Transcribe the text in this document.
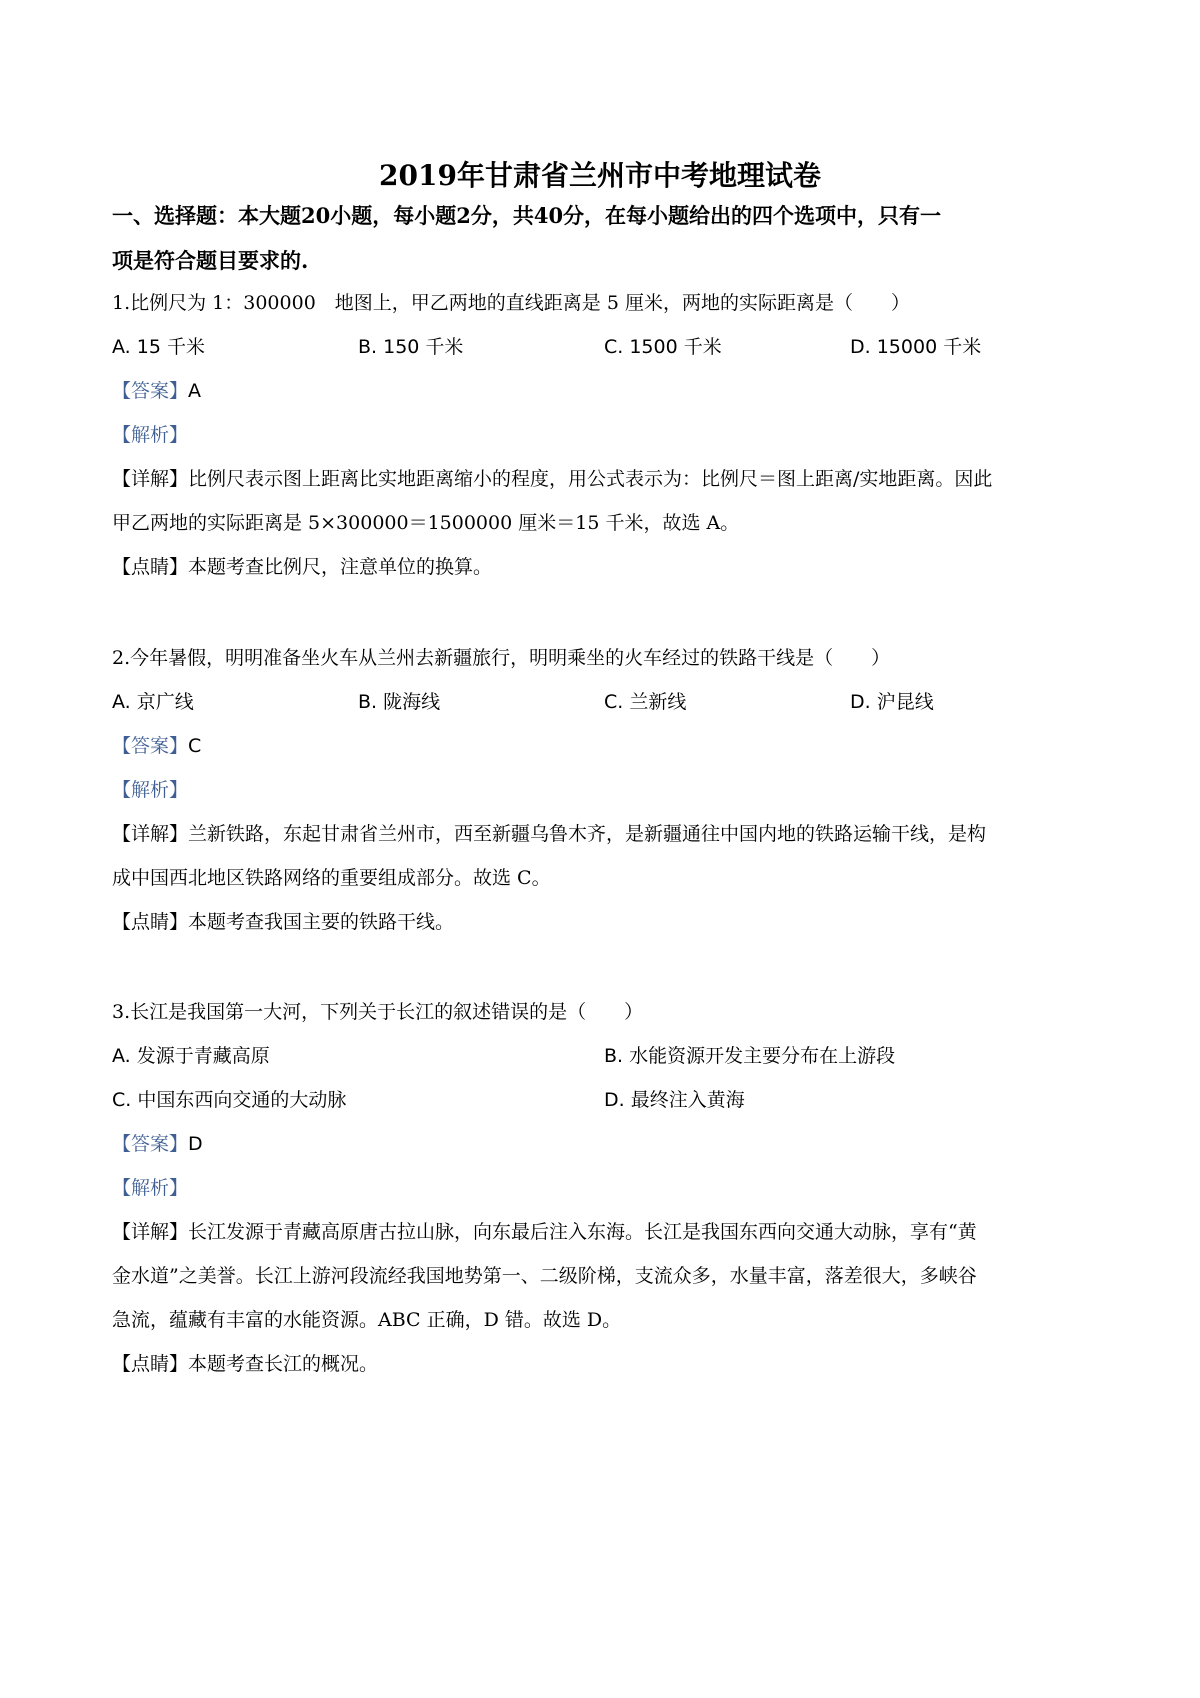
2019年甘肃省兰州市中考地理试卷
一、选择题：本大题20小题，每小题2分，共40分，在每小题给出的四个选项中，只有一
项是符合题目要求的.
1.比例尺为 1：300000　地图上，甲乙两地的直线距离是 5 厘米，两地的实际距离是（　　）
A. 15 千米	B. 150 千米	C. 1500 千米	D. 15000 千米
【答案】A
【解析】
【详解】比例尺表示图上距离比实地距离缩小的程度，用公式表示为：比例尺＝图上距离/实地距离。因此
甲乙两地的实际距离是 5×300000＝1500000 厘米＝15 千米，故选 A。
【点睛】本题考查比例尺，注意单位的换算。
2.今年暑假，明明准备坐火车从兰州去新疆旅行，明明乘坐的火车经过的铁路干线是（　　）
A. 京广线	B. 陇海线	C. 兰新线	D. 沪昆线
【答案】C
【解析】
【详解】兰新铁路，东起甘肃省兰州市，西至新疆乌鲁木齐，是新疆通往中国内地的铁路运输干线，是构
成中国西北地区铁路网络的重要组成部分。故选 C。
【点睛】本题考查我国主要的铁路干线。
3.长江是我国第一大河，下列关于长江的叙述错误的是（　　）
A. 发源于青藏高原	B. 水能资源开发主要分布在上游段
C. 中国东西向交通的大动脉	D. 最终注入黄海
【答案】D
【解析】
【详解】长江发源于青藏高原唐古拉山脉，向东最后注入东海。长江是我国东西向交通大动脉，享有“黄
金水道”之美誉。长江上游河段流经我国地势第一、二级阶梯，支流众多，水量丰富，落差很大，多峡谷
急流，蕴藏有丰富的水能资源。ABC 正确，D 错。故选 D。
【点睛】本题考查长江的概况。
